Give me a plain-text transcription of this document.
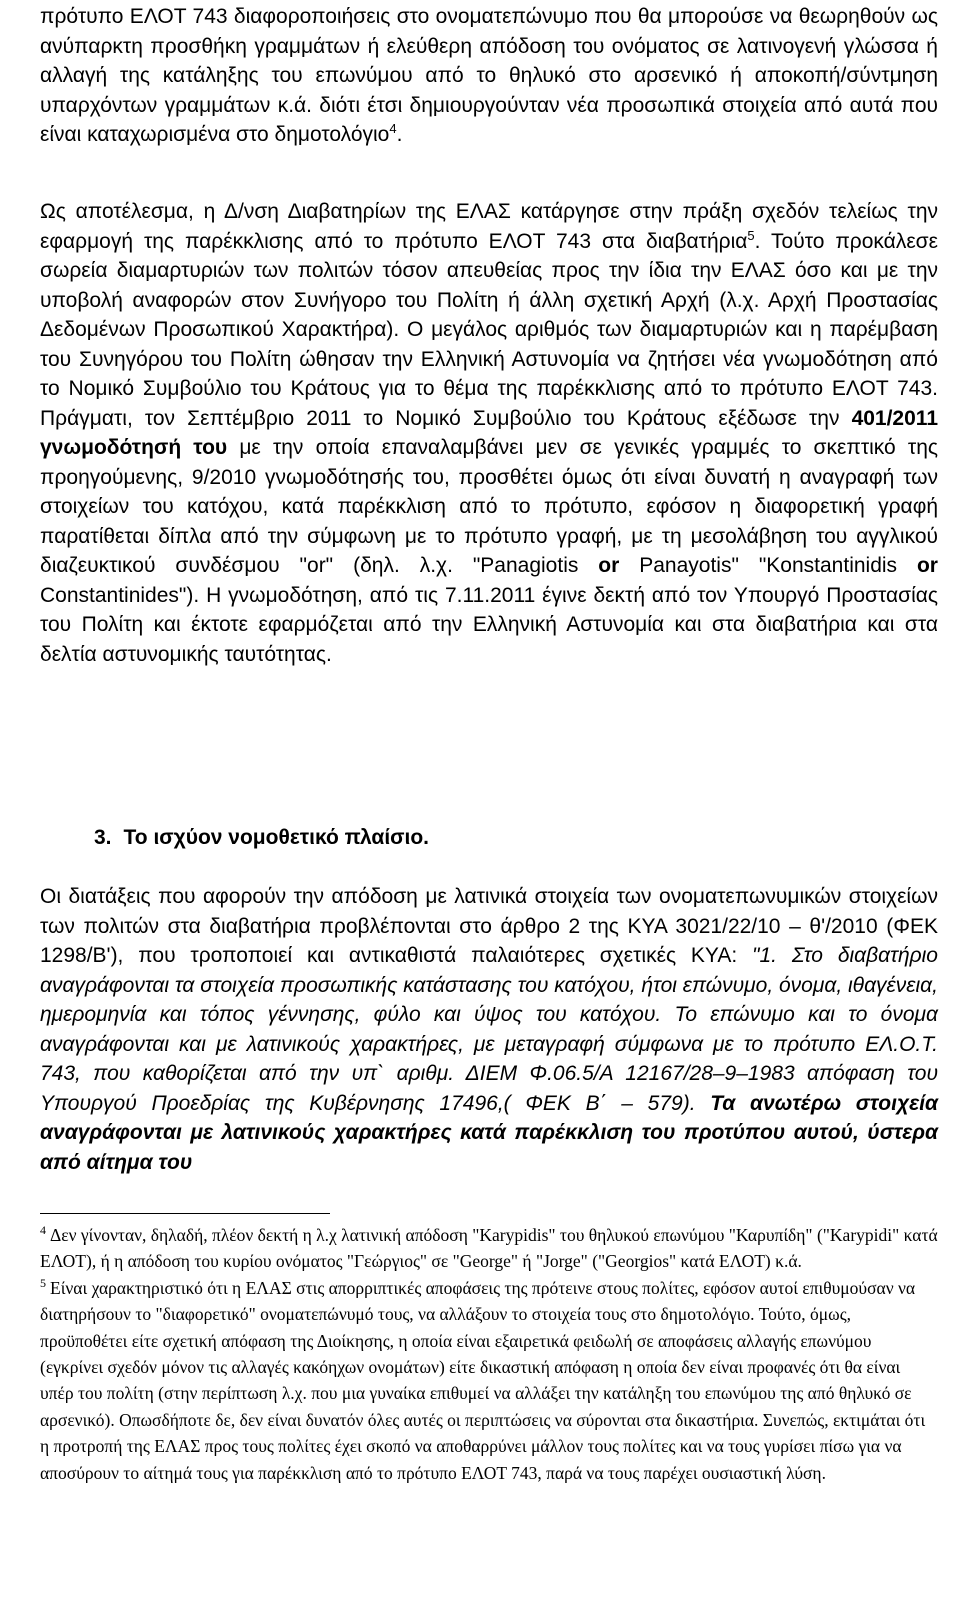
πρότυπο ΕΛΟΤ 743 διαφοροποιήσεις στο ονοματεπώνυμο που θα μπορούσε να θεωρηθούν ως ανύπαρκτη προσθήκη γραμμάτων ή ελεύθερη απόδοση του ονόματος σε λατινογενή γλώσσα ή αλλαγή της κατάληξης του επωνύμου από το θηλυκό στο αρσενικό ή αποκοπή/σύντμηση υπαρχόντων γραμμάτων κ.ά. διότι έτσι δημιουργούνταν νέα προσωπικά στοιχεία από αυτά που είναι καταχωρισμένα στο δημοτολόγιο$^4$.

Ως αποτέλεσμα, η Δ/νση Διαβατηρίων της ΕΛΑΣ κατάργησε στην πράξη σχεδόν τελείως την εφαρμογή της παρέκκλισης από το πρότυπο ΕΛΟΤ 743 στα διαβατήρια$^5$. Τούτο προκάλεσε σωρεία διαμαρτυριών των πολιτών τόσον απευθείας προς την ίδια την ΕΛΑΣ όσο και με την υποβολή αναφορών στον Συνήγορο του Πολίτη ή άλλη σχετική Αρχή (λ.χ. Αρχή Προστασίας Δεδομένων Προσωπικού Χαρακτήρα). Ο μεγάλος αριθμός των διαμαρτυριών και η παρέμβαση του Συνηγόρου του Πολίτη ώθησαν την Ελληνική Αστυνομία να ζητήσει νέα γνωμοδότηση από το Νομικό Συμβούλιο του Κράτους για το θέμα της παρέκκλισης από το πρότυπο ΕΛΟΤ 743. Πράγματι, τον Σεπτέμβριο 2011 το Νομικό Συμβούλιο του Κράτους εξέδωσε την 401/2011 γνωμοδότησή του με την οποία επαναλαμβάνει μεν σε γενικές γραμμές το σκεπτικό της προηγούμενης, 9/2010 γνωμοδότησής του, προσθέτει όμως ότι είναι δυνατή η αναγραφή των στοιχείων του κατόχου, κατά παρέκκλιση από το πρότυπο, εφόσον η διαφορετική γραφή παρατίθεται δίπλα από την σύμφωνη με το πρότυπο γραφή, με τη μεσολάβηση του αγγλικού διαζευκτικού συνδέσμου "or" (δηλ. λ.χ. "Panagiotis or Panayotis" "Konstantinidis or Constantinides"). Η γνωμοδότηση, από τις 7.11.2011 έγινε δεκτή από τον Υπουργό Προστασίας του Πολίτη και έκτοτε εφαρμόζεται από την Ελληνική Αστυνομία και στα διαβατήρια και στα δελτία αστυνομικής ταυτότητας.

3. Το ισχύον νομοθετικό πλαίσιο.

Οι διατάξεις που αφορούν την απόδοση με λατινικά στοιχεία των ονοματεπωνυμικών στοιχείων των πολιτών στα διαβατήρια προβλέπονται στο άρθρο 2 της ΚΥΑ 3021/22/10 – θ'/2010 (ΦΕΚ 1298/Β'), που τροποποιεί και αντικαθιστά παλαιότερες σχετικές ΚΥΑ: "1. Στο διαβατήριο αναγράφονται τα στοιχεία προσωπικής κατάστασης του κατόχου, ήτοι επώνυμο, όνομα, ιθαγένεια, ημερομηνία και τόπος γέννησης, φύλο και ύψος του κατόχου. Το επώνυμο και το όνομα αναγράφονται και με λατινικούς χαρακτήρες, με μεταγραφή σύμφωνα με το πρότυπο ΕΛ.Ο.Τ. 743, που καθορίζεται από την υπ` αριθμ. ΔΙΕΜ Φ.06.5/Α 12167/28–9–1983 απόφαση του Υπουργού Προεδρίας της Κυβέρνησης 17496,( ΦΕΚ Β΄ – 579). Τα ανωτέρω στοιχεία αναγράφονται με λατινικούς χαρακτήρες κατά παρέκκλιση του προτύπου αυτού, ύστερα από αίτημα του

$^4$ Δεν γίνονταν, δηλαδή, πλέον δεκτή η λ.χ λατινική απόδοση "Karypidis" του θηλυκού επωνύμου "Καρυπίδη" ("Karypidi" κατά ΕΛΟΤ), ή η απόδοση του κυρίου ονόματος "Γεώργιος" σε "George" ή "Jorge" ("Georgios" κατά ΕΛΟΤ) κ.ά.

$^5$ Είναι χαρακτηριστικό ότι η ΕΛΑΣ στις απορριπτικές αποφάσεις της πρότεινε στους πολίτες, εφόσον αυτοί επιθυμούσαν να διατηρήσουν το "διαφορετικό" ονοματεπώνυμό τους, να αλλάξουν το στοιχεία τους στο δημοτολόγιο. Τούτο, όμως, προϋποθέτει είτε σχετική απόφαση της Διοίκησης, η οποία είναι εξαιρετικά φειδωλή σε αποφάσεις αλλαγής επωνύμου (εγκρίνει σχεδόν μόνον τις αλλαγές κακόηχων ονομάτων) είτε δικαστική απόφαση η οποία δεν είναι προφανές ότι θα είναι υπέρ του πολίτη (στην περίπτωση λ.χ. που μια γυναίκα επιθυμεί να αλλάξει την κατάληξη του επωνύμου της από θηλυκό σε αρσενικό). Οπωσδήποτε δε, δεν είναι δυνατόν όλες αυτές οι περιπτώσεις να σύρονται στα δικαστήρια. Συνεπώς, εκτιμάται ότι η προτροπή της ΕΛΑΣ προς τους πολίτες έχει σκοπό να αποθαρρύνει μάλλον τους πολίτες και να τους γυρίσει πίσω για να αποσύρουν το αίτημά τους για παρέκκλιση από το πρότυπο ΕΛΟΤ 743, παρά να τους παρέχει ουσιαστική λύση.
